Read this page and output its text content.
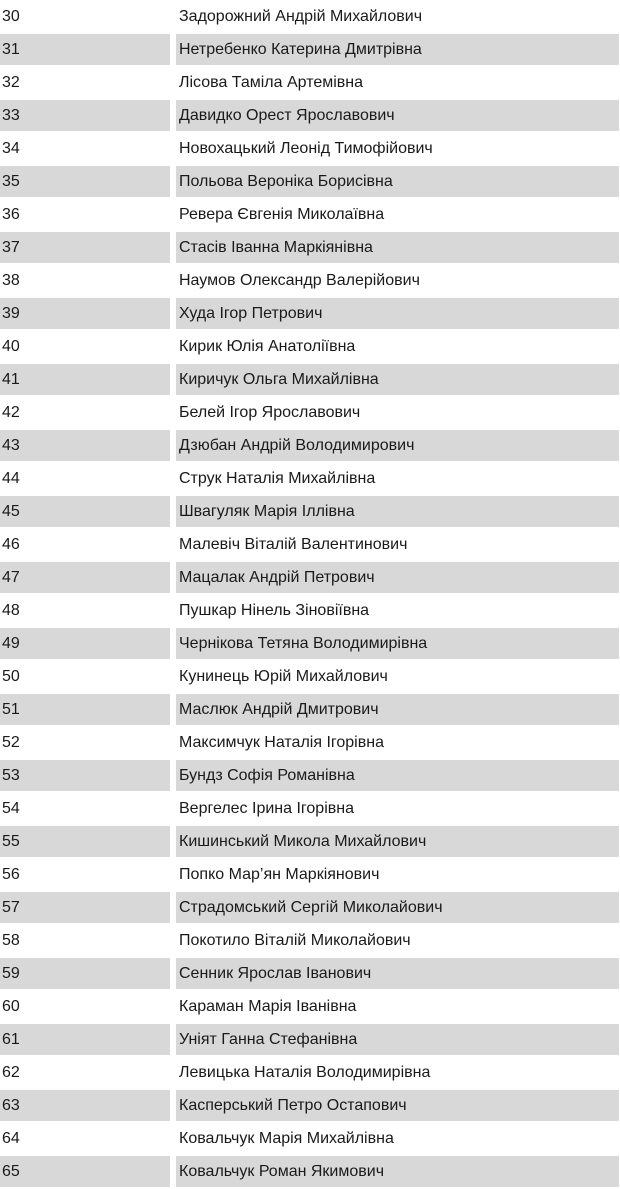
30	Задорожний Андрій Михайлович
31	Нетребенко Катерина Дмитрівна
32	Лісова Таміла Артемівна
33	Давидко Орест Ярославович
34	Новохацький Леонід Тимофійович
35	Польова Вероніка Борисівна
36	Ревера Євгенія Миколаївна
37	Стасів Іванна Маркіянівна
38	Наумов Олександр Валерійович
39	Худа Ігор Петрович
40	Кирик Юлія Анатоліївна
41	Киричук Ольга Михайлівна
42	Белей Ігор Ярославович
43	Дзюбан Андрій Володимирович
44	Струк Наталія Михайлівна
45	Швагуляк Марія Іллівна
46	Малевіч Віталій Валентинович
47	Мацалак Андрій Петрович
48	Пушкар Нінель Зіновіївна
49	Чернікова Тетяна Володимирівна
50	Кунинець Юрій Михайлович
51	Маслюк Андрій Дмитрович
52	Максимчук Наталія Ігорівна
53	Бундз Софія Романівна
54	Вергелес Ірина Ігорівна
55	Кишинський Микола Михайлович
56	Попко Мар’ян Маркіянович
57	Страдомський Сергій Миколайович
58	Покотило Віталій Миколайович
59	Сенник Ярослав Іванович
60	Караман Марія Іванівна
61	Уніят Ганна Стефанівна
62	Левицька Наталія Володимирівна
63	Касперський Петро Остапович
64	Ковальчук Марія Михайлівна
65	Ковальчук Роман Якимович
